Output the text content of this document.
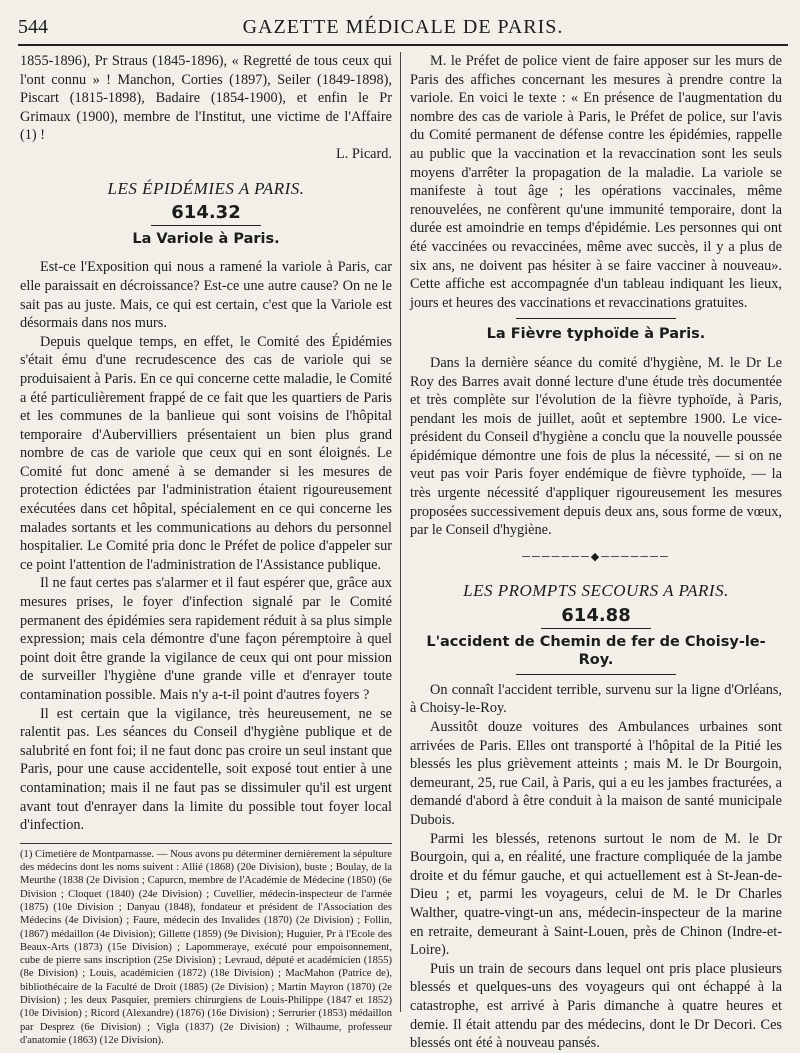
544	GAZETTE MÉDICALE DE PARIS.

1855-1896), Pr Straus (1845-1896), « Regretté de tous ceux qui l'ont connu » ! Manchon, Corties (1897), Seiler (1849-1898), Piscart (1815-1898), Badaire (1854-1900), et enfin le Pr Grimaux (1900), membre de l'Institut, une victime de l'Affaire (1) !

L. Picard.
LES ÉPIDÉMIES A PARIS.
614.32
La Variole à Paris.

Est-ce l'Exposition qui nous a ramené la variole à Paris, car elle paraissait en décroissance? Est-ce une autre cause? On ne le sait pas au juste. Mais, ce qui est certain, c'est que la Variole est désormais dans nos murs.

Depuis quelque temps, en effet, le Comité des Épidémies s'était ému d'une recrudescence des cas de variole qui se produisaient à Paris. En ce qui concerne cette maladie, le Comité a été particulièrement frappé de ce fait que les quartiers de Paris et les communes de la banlieue qui sont voisins de l'hôpital temporaire d'Aubervilliers présentaient un bien plus grand nombre de cas de variole que ceux qui en sont éloignés. Le Comité fut donc amené à se demander si les mesures de protection édictées par l'administration étaient rigoureusement exécutées dans cet hôpital, spécialement en ce qui concerne les malades sortants et les communications au dehors du personnel hospitalier. Le Comité pria donc le Préfet de police d'appeler sur ce point l'attention de l'administration de l'Assistance publique.

Il ne faut certes pas s'alarmer et il faut espérer que, grâce aux mesures prises, le foyer d'infection signalé par le Comité permanent des épidémies sera rapidement réduit à sa plus simple expression; mais cela démontre d'une façon péremptoire à quel point doit être grande la vigilance de ceux qui ont pour mission de surveiller l'hygiène d'une grande ville et d'enrayer toute contamination possible. Mais n'y a-t-il point d'autres foyers ?

Il est certain que la vigilance, très heureusement, ne se ralentit pas. Les séances du Conseil d'hygiène publique et de salubrité en font foi; il ne faut donc pas croire un seul instant que Paris, pour une cause accidentelle, soit exposé tout entier à une contamination; mais il ne faut pas se dissimuler qu'il est urgent avant tout d'enrayer dans la limite du possible tout foyer local d'infection.

(1) Cimetière de Montparnasse. — Nous avons pu déterminer dernièrement la sépulture des médecins dont les noms suivent : Allié (1868) (20e Division), buste ; Boulay, de la Meurthe (1838 (2e Division ; Capurcn, membre de l'Académie de Médecine (1850) (6e Division ; Cloquet (1840) (24e Division) ; Cuvellier, médecin-inspecteur de l'armée (1875) (10e Division ; Danyau (1848), fondateur et président de l'Association des Médecins (4e Division) ; Faure, médecin des Invalides (1870) (2e Division) ; Follin, (1867) médaillon (4e Division); Gillette (1859) (9e Division); Huguier, Pr à l'Ecole des Beaux-Arts (1873) (15e Division) ; Lapommeraye, exécuté pour empoisonnement, cube de pierre sans inscription (25e Division) ; Levraud, député et académicien (1855) (8e Division) ; Louis, académicien (1872) (18e Division) ; MacMahon (Patrice de), bibliothécaire de la Faculté de Droit (1885) (2e Division) ; Martin Mayron (1870) (2e Division) ; les deux Pasquier, premiers chirurgiens de Louis-Philippe (1847 et 1852) (10e Division) ; Ricord (Alexandre) (1876) (16e Division) ; Serrurier (1853) médaillon par Desprez (6e Division) ; Vigla (1837) (2e Division) ; Wilhaume, professeur d'anatomie (1863) (12e Division).

M. le Préfet de police vient de faire apposer sur les murs de Paris des affiches concernant les mesures à prendre contre la variole. En voici le texte : « En présence de l'augmentation du nombre des cas de variole à Paris, le Préfet de police, sur l'avis du Comité permanent de défense contre les épidémies, rappelle au public que la vaccination et la revaccination sont les seuls moyens d'arrêter la propagation de la maladie. La variole se manifeste à tout âge ; les opérations vaccinales, même renouvelées, ne confèrent qu'une immunité temporaire, dont la durée est amoindrie en temps d'épidémie. Les personnes qui ont été vaccinées ou revaccinées, même avec succès, il y a plus de six ans, ne doivent pas hésiter à se faire vacciner à nouveau». Cette affiche est accompagnée d'un tableau indiquant les lieux, jours et heures des vaccinations et revaccinations gratuites.

La Fièvre typhoïde à Paris.

Dans la dernière séance du comité d'hygiène, M. le Dr Le Roy des Barres avait donné lecture d'une étude très documentée et très complète sur l'évolution de la fièvre typhoïde, à Paris, pendant les mois de juillet, août et septembre 1900. Le vice-président du Conseil d'hygiène a conclu que la nouvelle poussée épidémique démontre une fois de plus la nécessité, — si on ne veut pas voir Paris foyer endémique de fièvre typhoïde, — la très urgente nécessité d'appliquer rigoureusement les mesures proposées successivement depuis deux ans, sous forme de vœux, par le Conseil d'hygiène.

───────◆───────
LES PROMPTS SECOURS A PARIS.
614.88
L'accident de Chemin de fer de Choisy-le-Roy.

On connaît l'accident terrible, survenu sur la ligne d'Orléans, à Choisy-le-Roy.

Aussitôt douze voitures des Ambulances urbaines sont arrivées de Paris. Elles ont transporté à l'hôpital de la Pitié les blessés les plus grièvement atteints ; mais M. le Dr Bourgoin, demeurant, 25, rue Cail, à Paris, qui a eu les jambes fracturées, a demandé d'abord à être conduit à la maison de santé municipale Dubois.

Parmi les blessés, retenons surtout le nom de M. le Dr Bourgoin, qui a, en réalité, une fracture compliquée de la jambe droite et du fémur gauche, et qui actuellement est à St-Jean-de-Dieu ; et, parmi les voyageurs, celui de M. le Dr Charles Walther, quatre-vingt-un ans, médecin-inspecteur de la marine en retraite, demeurant à Saint-Louen, près de Chinon (Indre-et-Loire).

Puis un train de secours dans lequel ont pris place plusieurs blessés et quelques-uns des voyageurs qui ont échappé à la catastrophe, est arrivé à Paris dimanche à quatre heures et demie. Il était attendu par des médecins, dont le Dr Decori. Ces blessés ont été à nouveau pansés.
